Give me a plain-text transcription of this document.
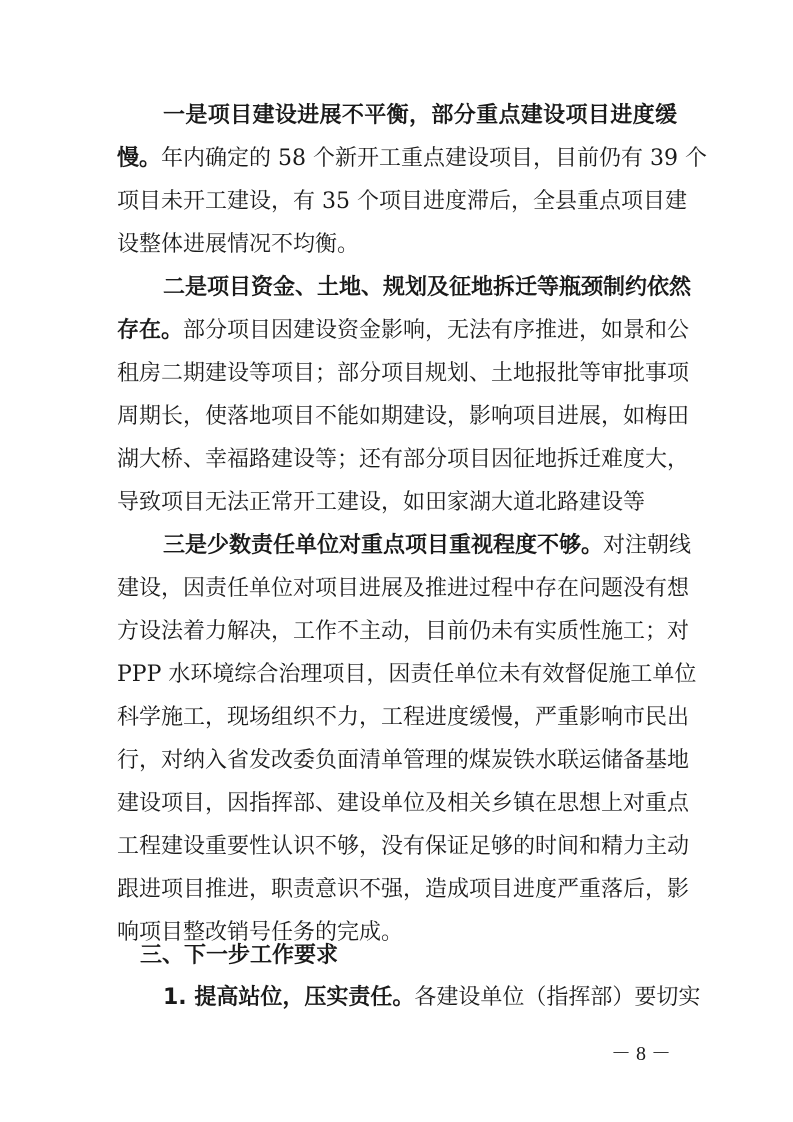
一是项目建设进展不平衡，部分重点建设项目进度缓
慢。年内确定的 58 个新开工重点建设项目，目前仍有 39 个
项目未开工建设，有 35 个项目进度滞后，全县重点项目建
设整体进展情况不均衡。
二是项目资金、土地、规划及征地拆迁等瓶颈制约依然
存在。部分项目因建设资金影响，无法有序推进，如景和公
租房二期建设等项目；部分项目规划、土地报批等审批事项
周期长，使落地项目不能如期建设，影响项目进展，如梅田
湖大桥、幸福路建设等；还有部分项目因征地拆迁难度大，
导致项目无法正常开工建设，如田家湖大道北路建设等
三是少数责任单位对重点项目重视程度不够。对注朝线
建设，因责任单位对项目进展及推进过程中存在问题没有想
方设法着力解决，工作不主动，目前仍未有实质性施工；对
PPP 水环境综合治理项目，因责任单位未有效督促施工单位
科学施工，现场组织不力，工程进度缓慢，严重影响市民出
行，对纳入省发改委负面清单管理的煤炭铁水联运储备基地
建设项目，因指挥部、建设单位及相关乡镇在思想上对重点
工程建设重要性认识不够，没有保证足够的时间和精力主动
跟进项目推进，职责意识不强，造成项目进度严重落后，影
响项目整改销号任务的完成。
三、下一步工作要求
1. 提高站位，压实责任。各建设单位（指挥部）要切实
－ 8 －
